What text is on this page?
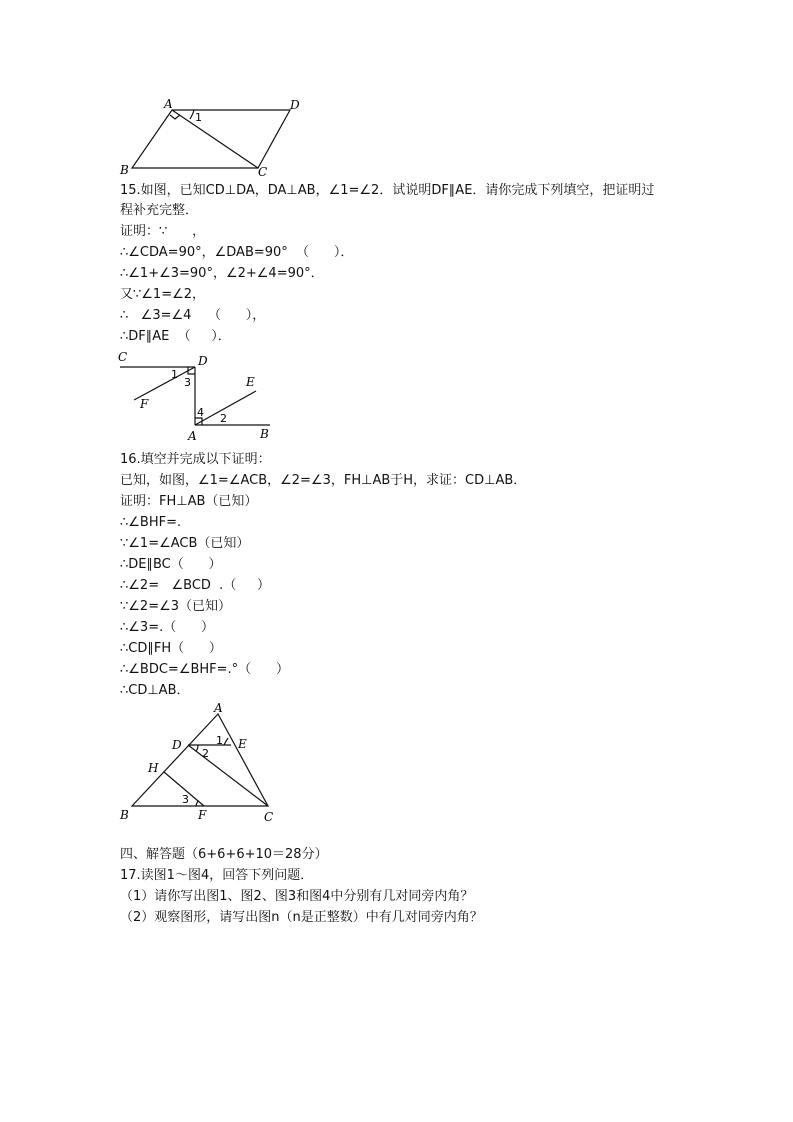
A	D
B	C
1
15.如图，已知CD⊥DA，DA⊥AB，∠1=∠2．试说明DF∥AE．请你完成下列填空，把证明过
程补充完整．
证明：∵      ，
∴∠CDA=90°，∠DAB=90°  （      ）．
∴∠1+∠3=90°，∠2+∠4=90°．
又∵∠1=∠2，
∴   ∠3=∠4    （      ），
∴DF∥AE  （     ）．
C	D
F
E
A	B
1
3
4 2
16.填空并完成以下证明：
已知，如图，∠1=∠ACB，∠2=∠3，FH⊥AB于H，求证：CD⊥AB．
证明：FH⊥AB（已知）
∴∠BHF=.
∵∠1=∠ACB（已知）
∴DE∥BC（      ）
∴∠2=   ∠BCD  .（     ）
∵∠2=∠3（已知）
∴∠3=.（      ）
∴CD∥FH（      ）
∴∠BDC=∠BHF=.°（      ）
∴CD⊥AB．
A
D	E
H
B	F	C
1
2
3
四、解答题（6+6+6+10＝28分）
17.读图1～图4，回答下列问题．
（1）请你写出图1、图2、图3和图4中分别有几对同旁内角？
（2）观察图形，请写出图n（n是正整数）中有几对同旁内角？
